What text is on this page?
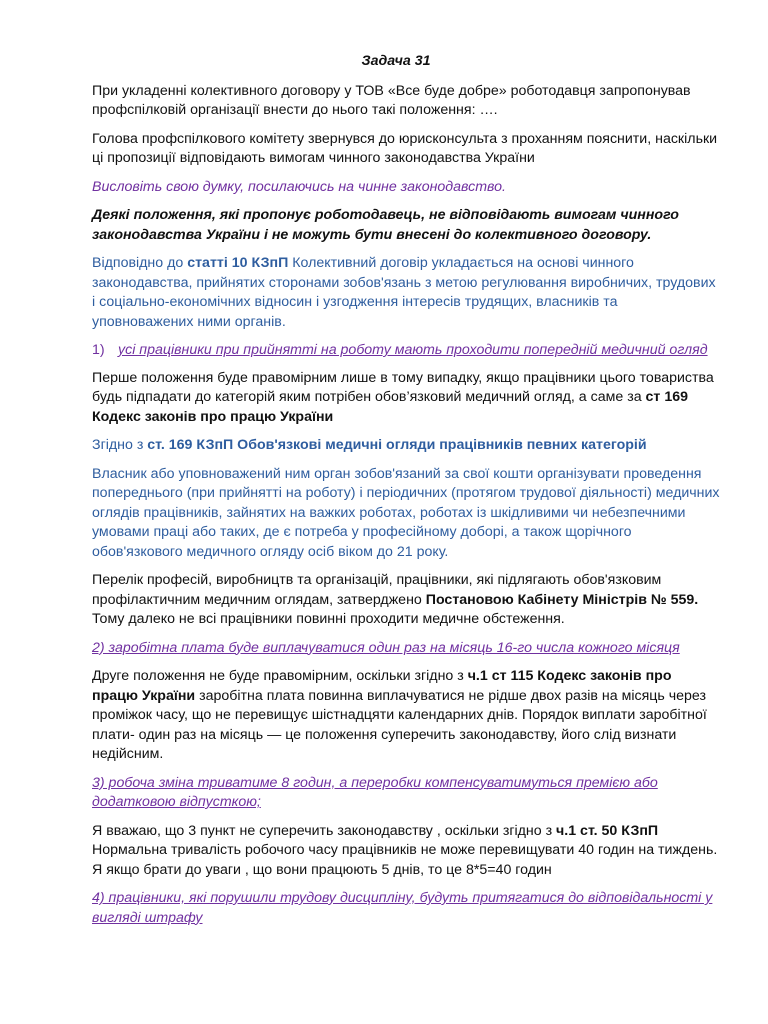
Задача 31

При укладенні колективного договору у ТОВ «Все буде добре» роботодавця запропонував профспілковій організації внести до нього такі положення: ….

Голова профспілкового комітету звернувся до юрисконсульта з проханням пояснити, наскільки ці пропозиції відповідають вимогам чинного законодавства України

Висловіть свою думку, посилаючись на чинне законодавство.

Деякі положення, які пропонує роботодавець, не відповідають вимогам чинного законодавства України і не можуть бути внесені до колективного договору.

Відповідно до статті 10 КЗпП Колективний договір укладається на основі чинного законодавства, прийнятих сторонами зобов'язань з метою регулювання виробничих, трудових і соціально-економічних відносин і узгодження інтересів трудящих, власників та уповноважених ними органів.

1) усі працівники при прийнятті на роботу мають проходити попередній медичний огляд

Перше положення буде правомірним лише в тому випадку, якщо працівники цього товариства будь підпадати до категорій яким потрібен обов’язковий медичний огляд, а саме за ст 169 Кодекс законів про працю України

Згідно з ст. 169 КЗпП Обов'язкові медичні огляди працівників певних категорій

Власник або уповноважений ним орган зобов'язаний за свої кошти організувати проведення попереднього (при прийнятті на роботу) і періодичних (протягом трудової діяльності) медичних оглядів працівників, зайнятих на важких роботах, роботах із шкідливими чи небезпечними умовами праці або таких, де є потреба у професійному доборі, а також щорічного обов'язкового медичного огляду осіб віком до 21 року.

Перелік професій, виробництв та організацій, працівники, які підлягають обов'язковим профілактичним медичним оглядам, затверджено Постановою Кабінету Міністрів № 559. Тому далеко не всі працівники повинні проходити медичне обстеження.

2) заробітна плата буде виплачуватися один раз на місяць 16-го числа кожного місяця

Друге положення не буде правомірним, оскільки згідно з ч.1 ст 115 Кодекс законів про працю України заробітна плата повинна виплачуватися не рідше двох разів на місяць через проміжок часу, що не перевищує шістнадцяти календарних днів. Порядок виплати заробітної плати- один раз на місяць — це положення суперечить законодавству, його слід визнати недійсним.

3) робоча зміна триватиме 8 годин, а переробки компенсуватимуться премією або додатковою відпусткою;

Я вважаю, що 3 пункт не суперечить законодавству , оскільки згідно з ч.1 ст. 50 КЗпП Нормальна тривалість робочого часу працівників не може перевищувати 40 годин на тиждень. Я якщо брати до уваги , що вони працюють 5 днів, то це 8*5=40 годин

4) працівники, які порушили трудову дисципліну, будуть притягатися до відповідальності у вигляді штрафу
